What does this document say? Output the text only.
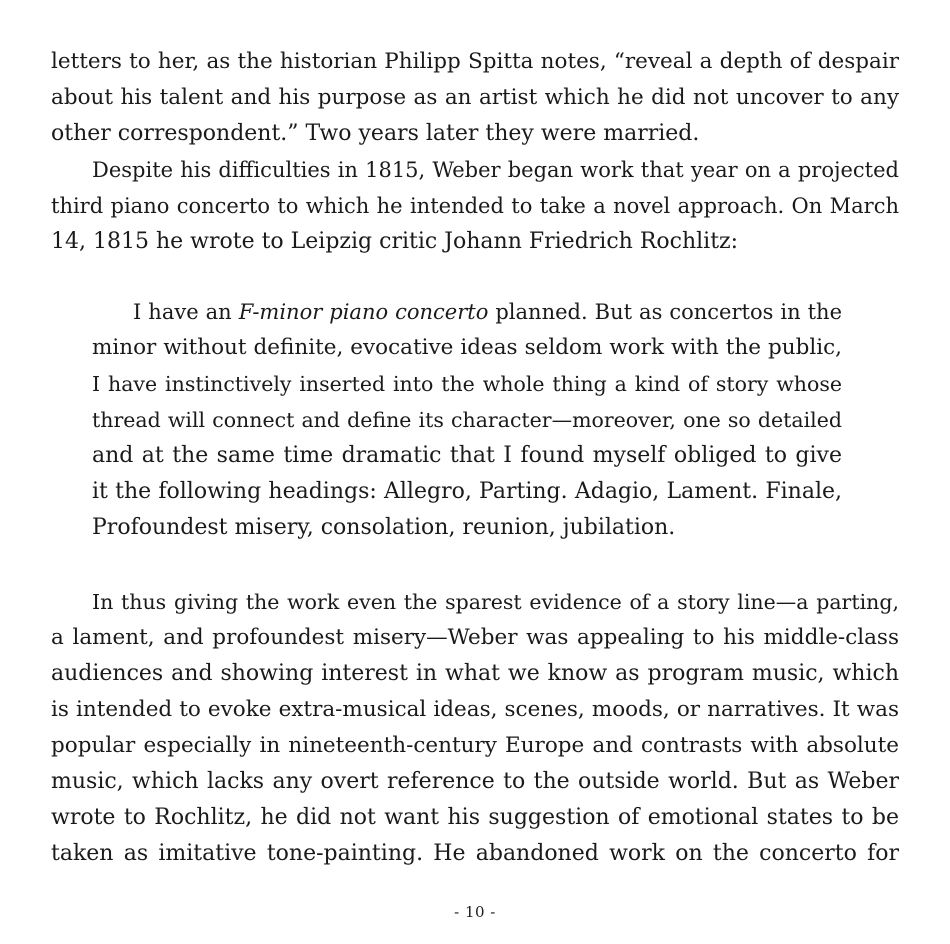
letters to her, as the historian Philipp Spitta notes, “reveal a depth of despair
about his talent and his purpose as an artist which he did not uncover to any
other correspondent.” Two years later they were married.
Despite his difficulties in 1815, Weber began work that year on a projected
third piano concerto to which he intended to take a novel approach. On March
14, 1815 he wrote to Leipzig critic Johann Friedrich Rochlitz:
I have an F-minor piano concerto planned. But as concertos in the
minor without definite, evocative ideas seldom work with the public,
I have instinctively inserted into the whole thing a kind of story whose
thread will connect and define its character—moreover, one so detailed
and at the same time dramatic that I found myself obliged to give
it the following headings: Allegro, Parting. Adagio, Lament. Finale,
Profoundest misery, consolation, reunion, jubilation.
In thus giving the work even the sparest evidence of a story line—a parting,
a lament, and profoundest misery—Weber was appealing to his middle-class
audiences and showing interest in what we know as program music, which
is intended to evoke extra-musical ideas, scenes, moods, or narratives. It was
popular especially in nineteenth-century Europe and contrasts with absolute
music, which lacks any overt reference to the outside world. But as Weber
wrote to Rochlitz, he did not want his suggestion of emotional states to be
taken as imitative tone-painting. He abandoned work on the concerto for
- 10 -
